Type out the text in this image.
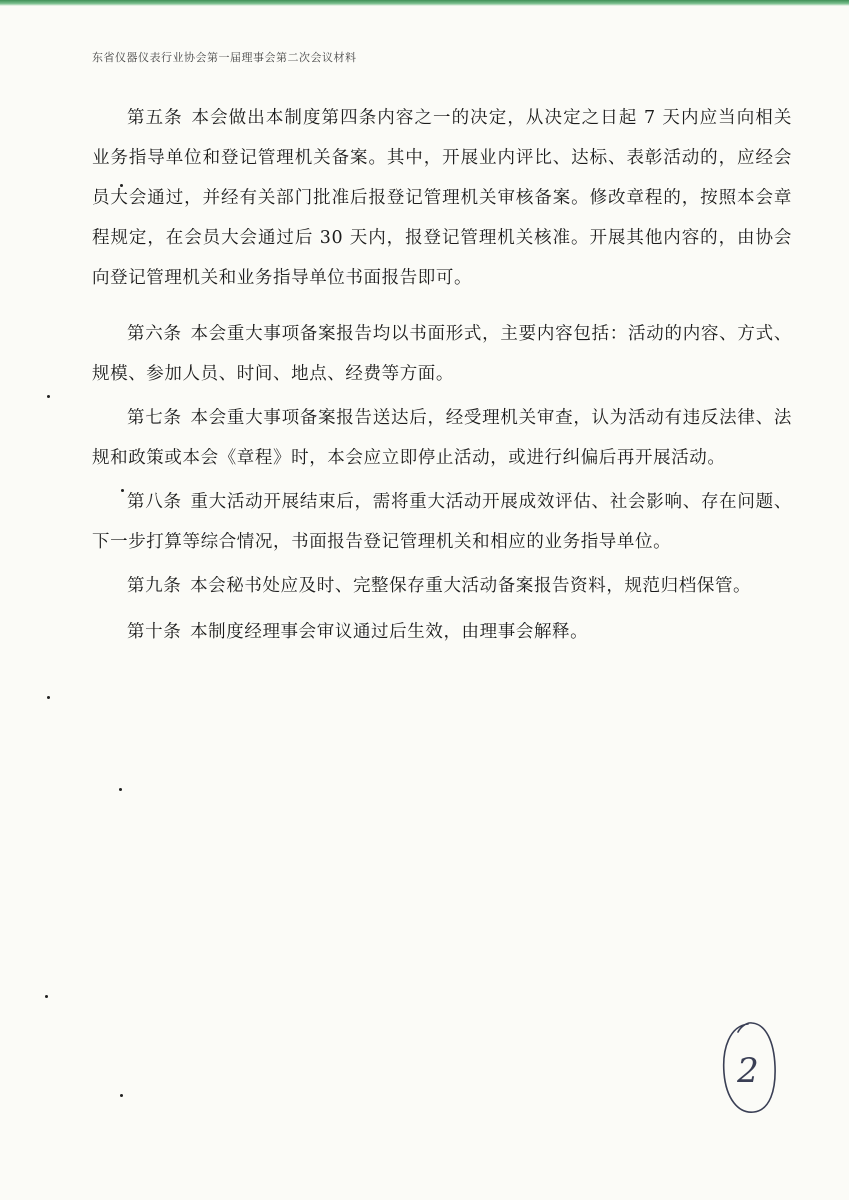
东省仪器仪表行业协会第一届理事会第二次会议材料

第五条 本会做出本制度第四条内容之一的决定，从决定之日起 7 天内应当向相关业务指导单位和登记管理机关备案。其中，开展业内评比、达标、表彰活动的，应经会员大会通过，并经有关部门批准后报登记管理机关审核备案。修改章程的，按照本会章程规定，在会员大会通过后 30 天内，报登记管理机关核准。开展其他内容的，由协会向登记管理机关和业务指导单位书面报告即可。

第六条 本会重大事项备案报告均以书面形式，主要内容包括：活动的内容、方式、规模、参加人员、时间、地点、经费等方面。

第七条 本会重大事项备案报告送达后，经受理机关审查，认为活动有违反法律、法规和政策或本会《章程》时，本会应立即停止活动，或进行纠偏后再开展活动。

第八条 重大活动开展结束后，需将重大活动开展成效评估、社会影响、存在问题、下一步打算等综合情况，书面报告登记管理机关和相应的业务指导单位。

第九条 本会秘书处应及时、完整保存重大活动备案报告资料，规范归档保管。

第十条 本制度经理事会审议通过后生效，由理事会解释。

2
